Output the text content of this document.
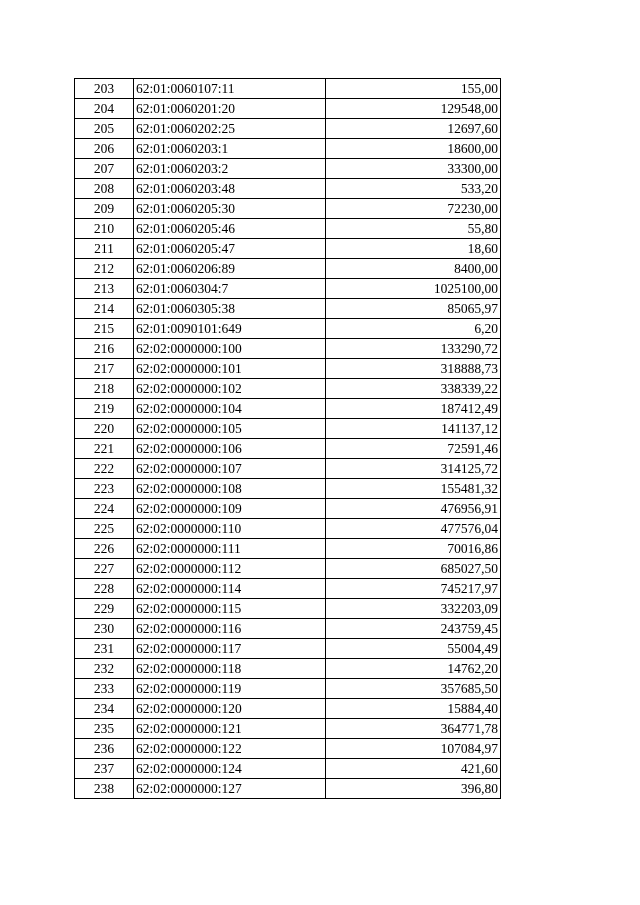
203	62:01:0060107:11	155,00
204	62:01:0060201:20	129548,00
205	62:01:0060202:25	12697,60
206	62:01:0060203:1	18600,00
207	62:01:0060203:2	33300,00
208	62:01:0060203:48	533,20
209	62:01:0060205:30	72230,00
210	62:01:0060205:46	55,80
211	62:01:0060205:47	18,60
212	62:01:0060206:89	8400,00
213	62:01:0060304:7	1025100,00
214	62:01:0060305:38	85065,97
215	62:01:0090101:649	6,20
216	62:02:0000000:100	133290,72
217	62:02:0000000:101	318888,73
218	62:02:0000000:102	338339,22
219	62:02:0000000:104	187412,49
220	62:02:0000000:105	141137,12
221	62:02:0000000:106	72591,46
222	62:02:0000000:107	314125,72
223	62:02:0000000:108	155481,32
224	62:02:0000000:109	476956,91
225	62:02:0000000:110	477576,04
226	62:02:0000000:111	70016,86
227	62:02:0000000:112	685027,50
228	62:02:0000000:114	745217,97
229	62:02:0000000:115	332203,09
230	62:02:0000000:116	243759,45
231	62:02:0000000:117	55004,49
232	62:02:0000000:118	14762,20
233	62:02:0000000:119	357685,50
234	62:02:0000000:120	15884,40
235	62:02:0000000:121	364771,78
236	62:02:0000000:122	107084,97
237	62:02:0000000:124	421,60
238	62:02:0000000:127	396,80
